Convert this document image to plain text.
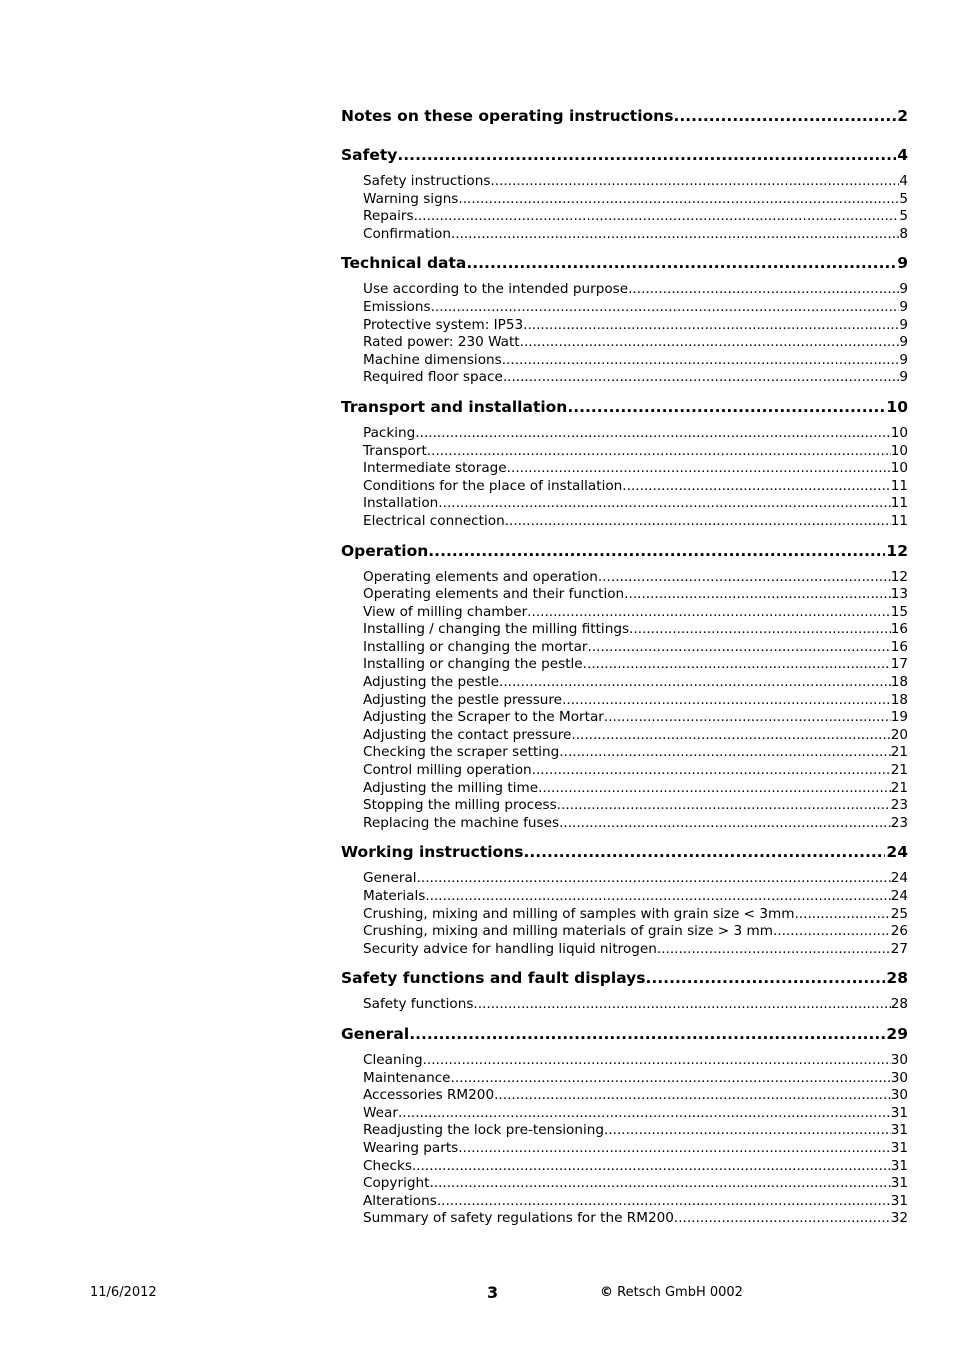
Notes on these operating instructions .....	2
Safety .....	4
Safety instructions .....	4
Warning signs .....	5
Repairs .....	5
Confirmation .....	8
Technical data .....	9
Use according to the intended purpose .....	9
Emissions .....	9
Protective system: IP53 .....	9
Rated power: 230 Watt .....	9
Machine dimensions .....	9
Required floor space .....	9
Transport and installation .....	10
Packing .....	10
Transport .....	10
Intermediate storage .....	10
Conditions for the place of installation .....	11
Installation .....	11
Electrical connection .....	11
Operation .....	12
Operating elements and operation .....	12
Operating elements and their function .....	13
View of milling chamber .....	15
Installing / changing the milling fittings .....	16
Installing or changing the mortar .....	16
Installing or changing the pestle .....	17
Adjusting the pestle .....	18
Adjusting the pestle pressure .....	18
Adjusting the Scraper to the Mortar .....	19
Adjusting the contact pressure .....	20
Checking the scraper setting .....	21
Control milling operation .....	21
Adjusting the milling time .....	21
Stopping the milling process .....	23
Replacing the machine fuses .....	23
Working instructions .....	24
General .....	24
Materials .....	24
Crushing, mixing and milling of samples with grain size < 3mm .....	25
Crushing, mixing and milling materials of grain size > 3 mm .....	26
Security advice for handling liquid nitrogen .....	27
Safety functions and fault displays .....	28
Safety functions .....	28
General .....	29
Cleaning .....	30
Maintenance .....	30
Accessories RM200 .....	30
Wear .....	31
Readjusting the lock pre-tensioning .....	31
Wearing parts .....	31
Checks .....	31
Copyright .....	31
Alterations .....	31
Summary of safety regulations for the RM200 .....	32
11/6/2012	3	© Retsch GmbH 0002
